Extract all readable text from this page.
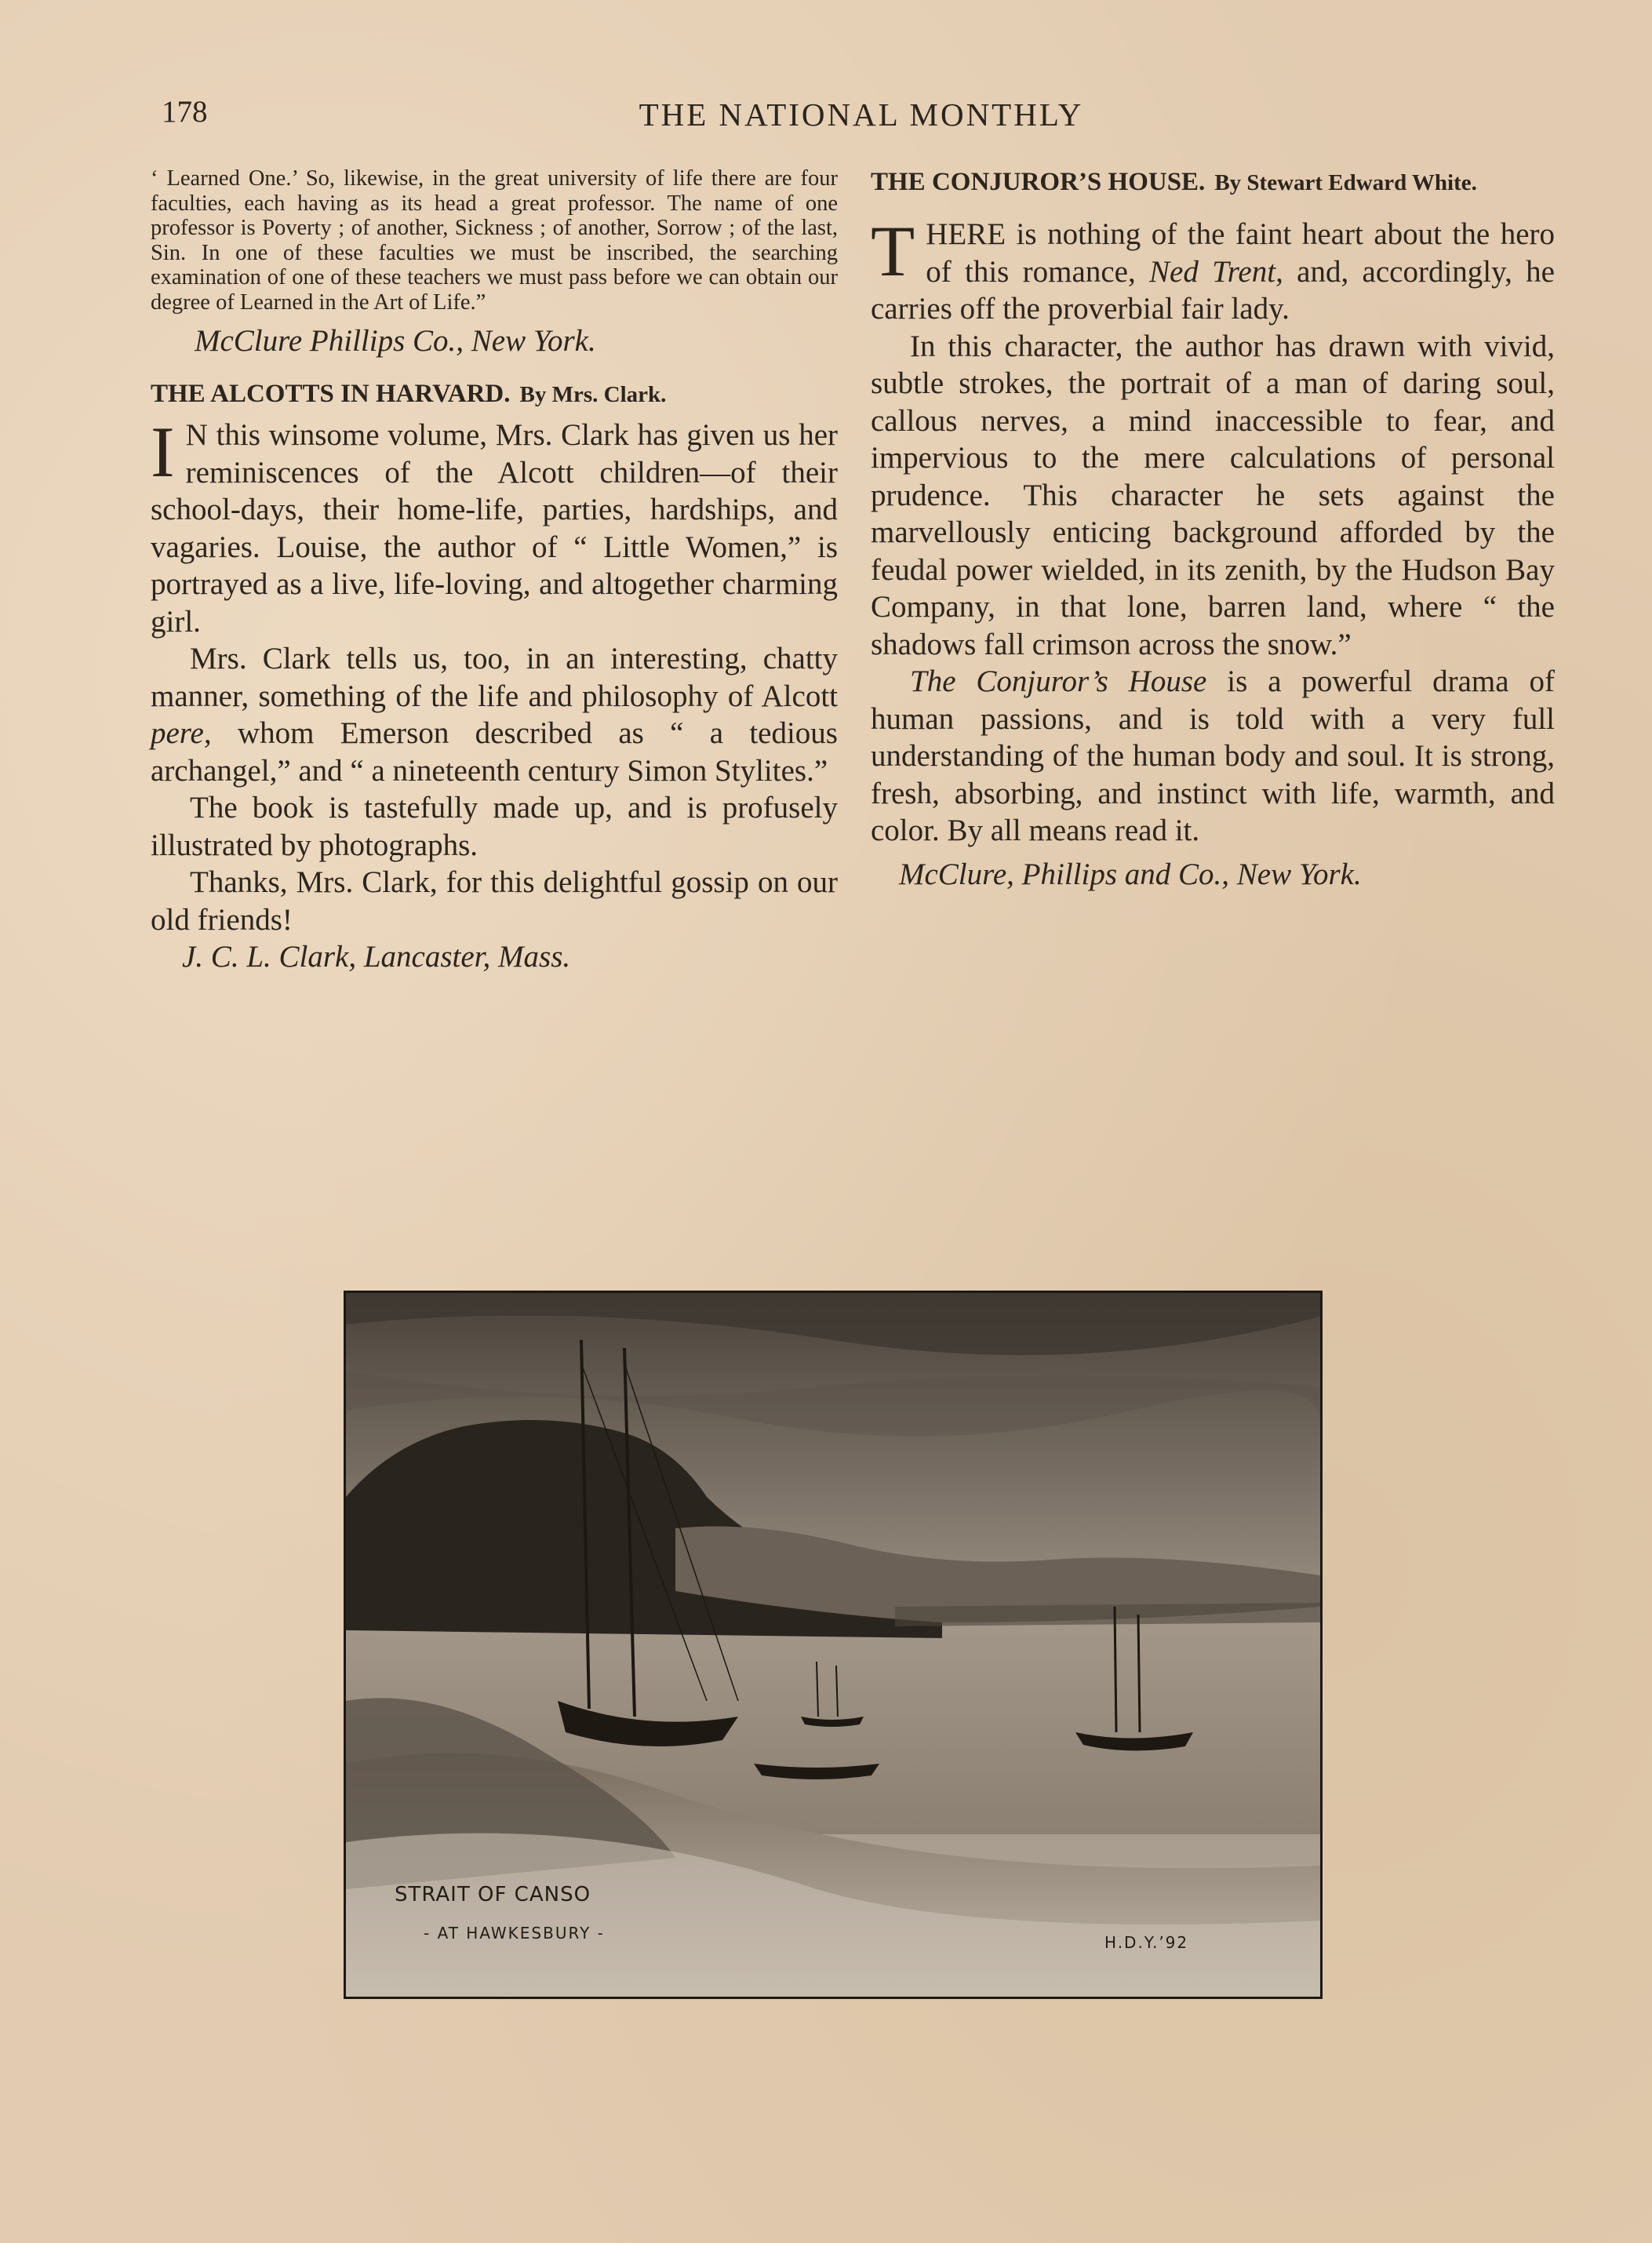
178	THE NATIONAL MONTHLY

‘ Learned One.’ So, likewise, in the great university of life there are four faculties, each having as its head a great professor. The name of one professor is Poverty ; of another, Sickness ; of another, Sorrow ; of the last, Sin. In one of these faculties we must be inscribed, the searching examination of one of these teachers we must pass before we can obtain our degree of Learned in the Art of Life.”

McClure Phillips Co., New York.

THE ALCOTTS IN HARVARD. By Mrs. Clark.

I N this winsome volume, Mrs. Clark has given us her reminiscences of the Alcott children—of their school-days, their home-life, parties, hardships, and vagaries. Louise, the author of “ Little Women,” is portrayed as a live, life-loving, and altogether charming girl.

Mrs. Clark tells us, too, in an interesting, chatty manner, something of the life and philosophy of Alcott pere, whom Emerson described as “ a tedious archangel,” and “ a nineteenth century Simon Stylites.”

The book is tastefully made up, and is profusely illustrated by photographs.

Thanks, Mrs. Clark, for this delightful gossip on our old friends!

J. C. L. Clark, Lancaster, Mass.

THE CONJUROR’S HOUSE. By Stewart Edward White.

THERE is nothing of the faint heart about the hero of this romance, Ned Trent, and, accordingly, he carries off the proverbial fair lady.

In this character, the author has drawn with vivid, subtle strokes, the portrait of a man of daring soul, callous nerves, a mind inaccessible to fear, and impervious to the mere calculations of personal prudence. This character he sets against the marvellously enticing background afforded by the feudal power wielded, in its zenith, by the Hudson Bay Company, in that lone, barren land, where “ the shadows fall crimson across the snow.”

The Conjuror’s House is a powerful drama of human passions, and is told with a very full understanding of the human body and soul. It is strong, fresh, absorbing, and instinct with life, warmth, and color. By all means read it.

McClure, Phillips and Co., New York.

STRAIT OF CANSO
- AT HAWKESBURY -	H.D.Y.’92
